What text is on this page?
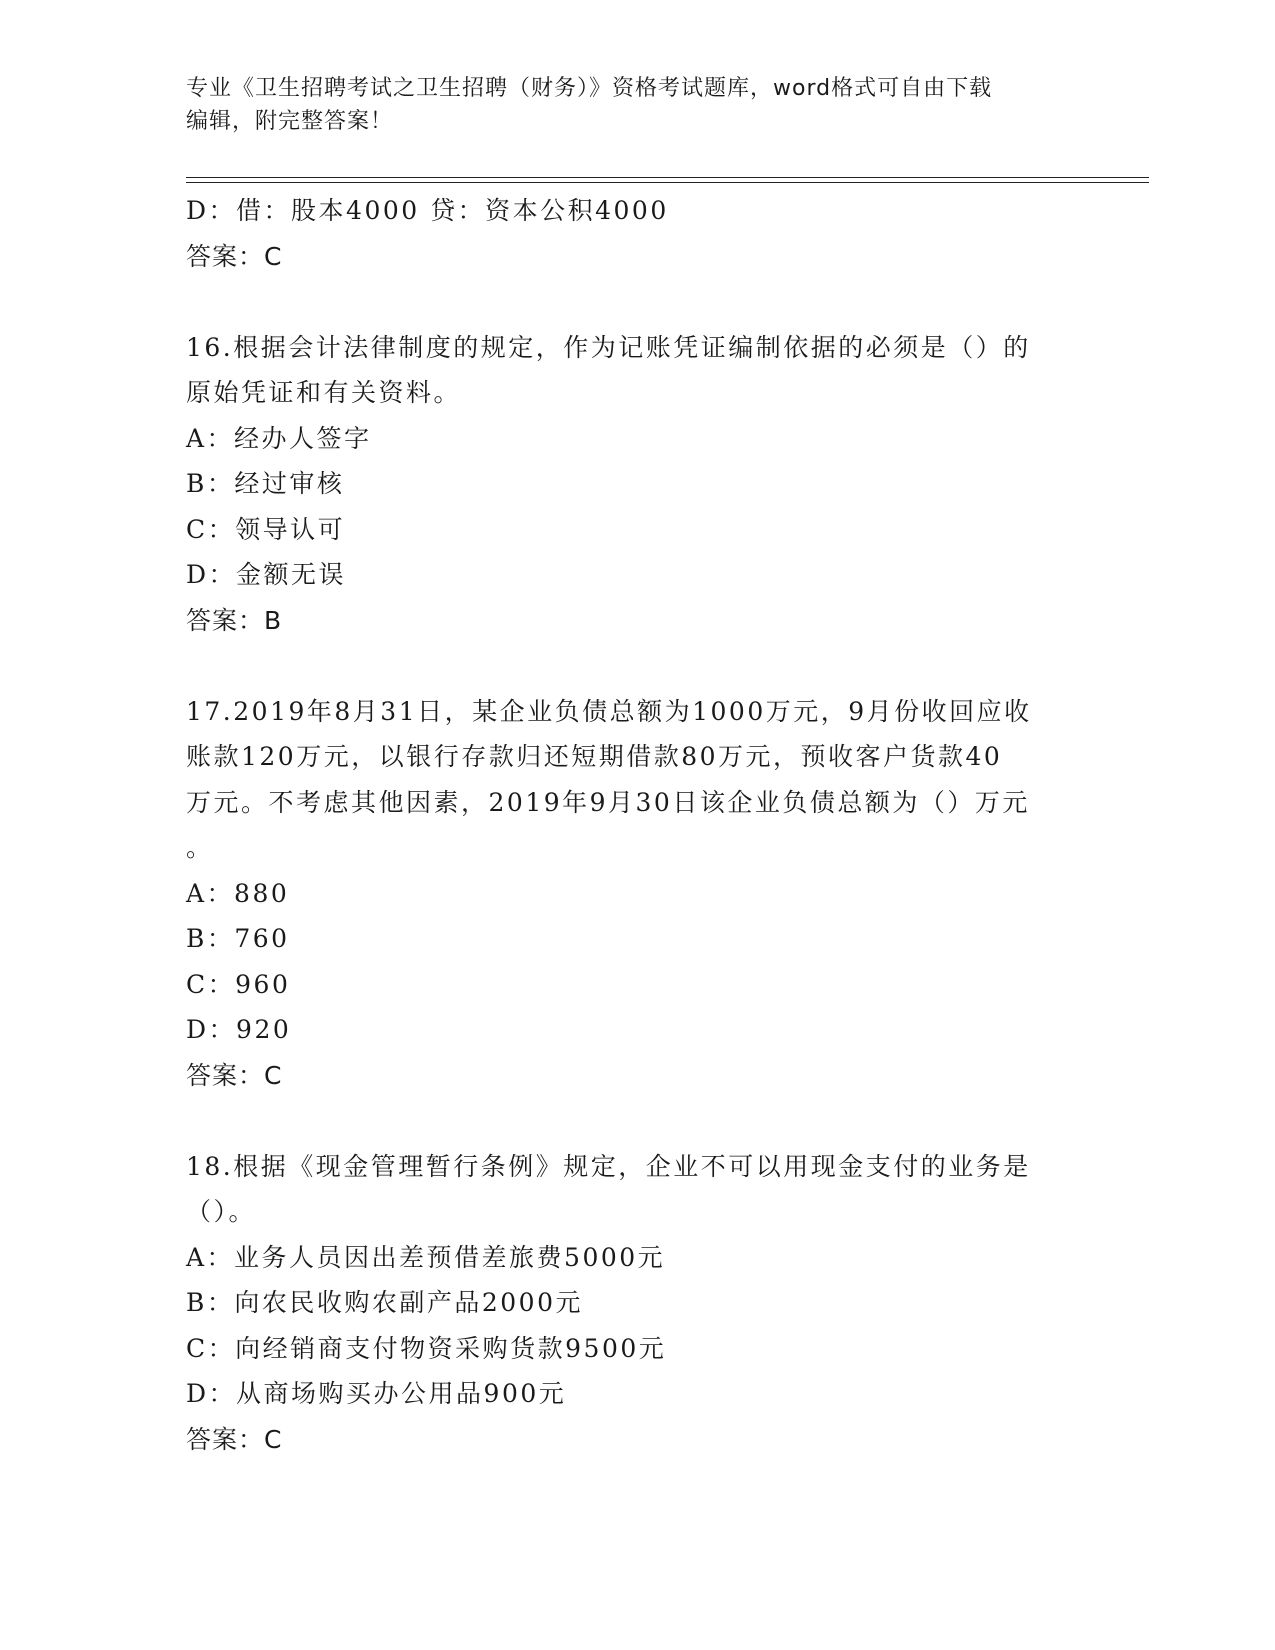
专业《卫生招聘考试之卫生招聘（财务）》资格考试题库，word格式可自由下载
编辑，附完整答案！
D：借：股本4000 贷：资本公积4000
答案：C
16.根据会计法律制度的规定，作为记账凭证编制依据的必须是（）的
原始凭证和有关资料。
A：经办人签字
B：经过审核
C：领导认可
D：金额无误
答案：B
17.2019年8月31日，某企业负债总额为1000万元，9月份收回应收
账款120万元，以银行存款归还短期借款80万元，预收客户货款40
万元。不考虑其他因素，2019年9月30日该企业负债总额为（）万元
。
A：880
B：760
C：960
D：920
答案：C
18.根据《现金管理暂行条例》规定，企业不可以用现金支付的业务是
（）。
A：业务人员因出差预借差旅费5000元
B：向农民收购农副产品2000元
C：向经销商支付物资采购货款9500元
D：从商场购买办公用品900元
答案：C
